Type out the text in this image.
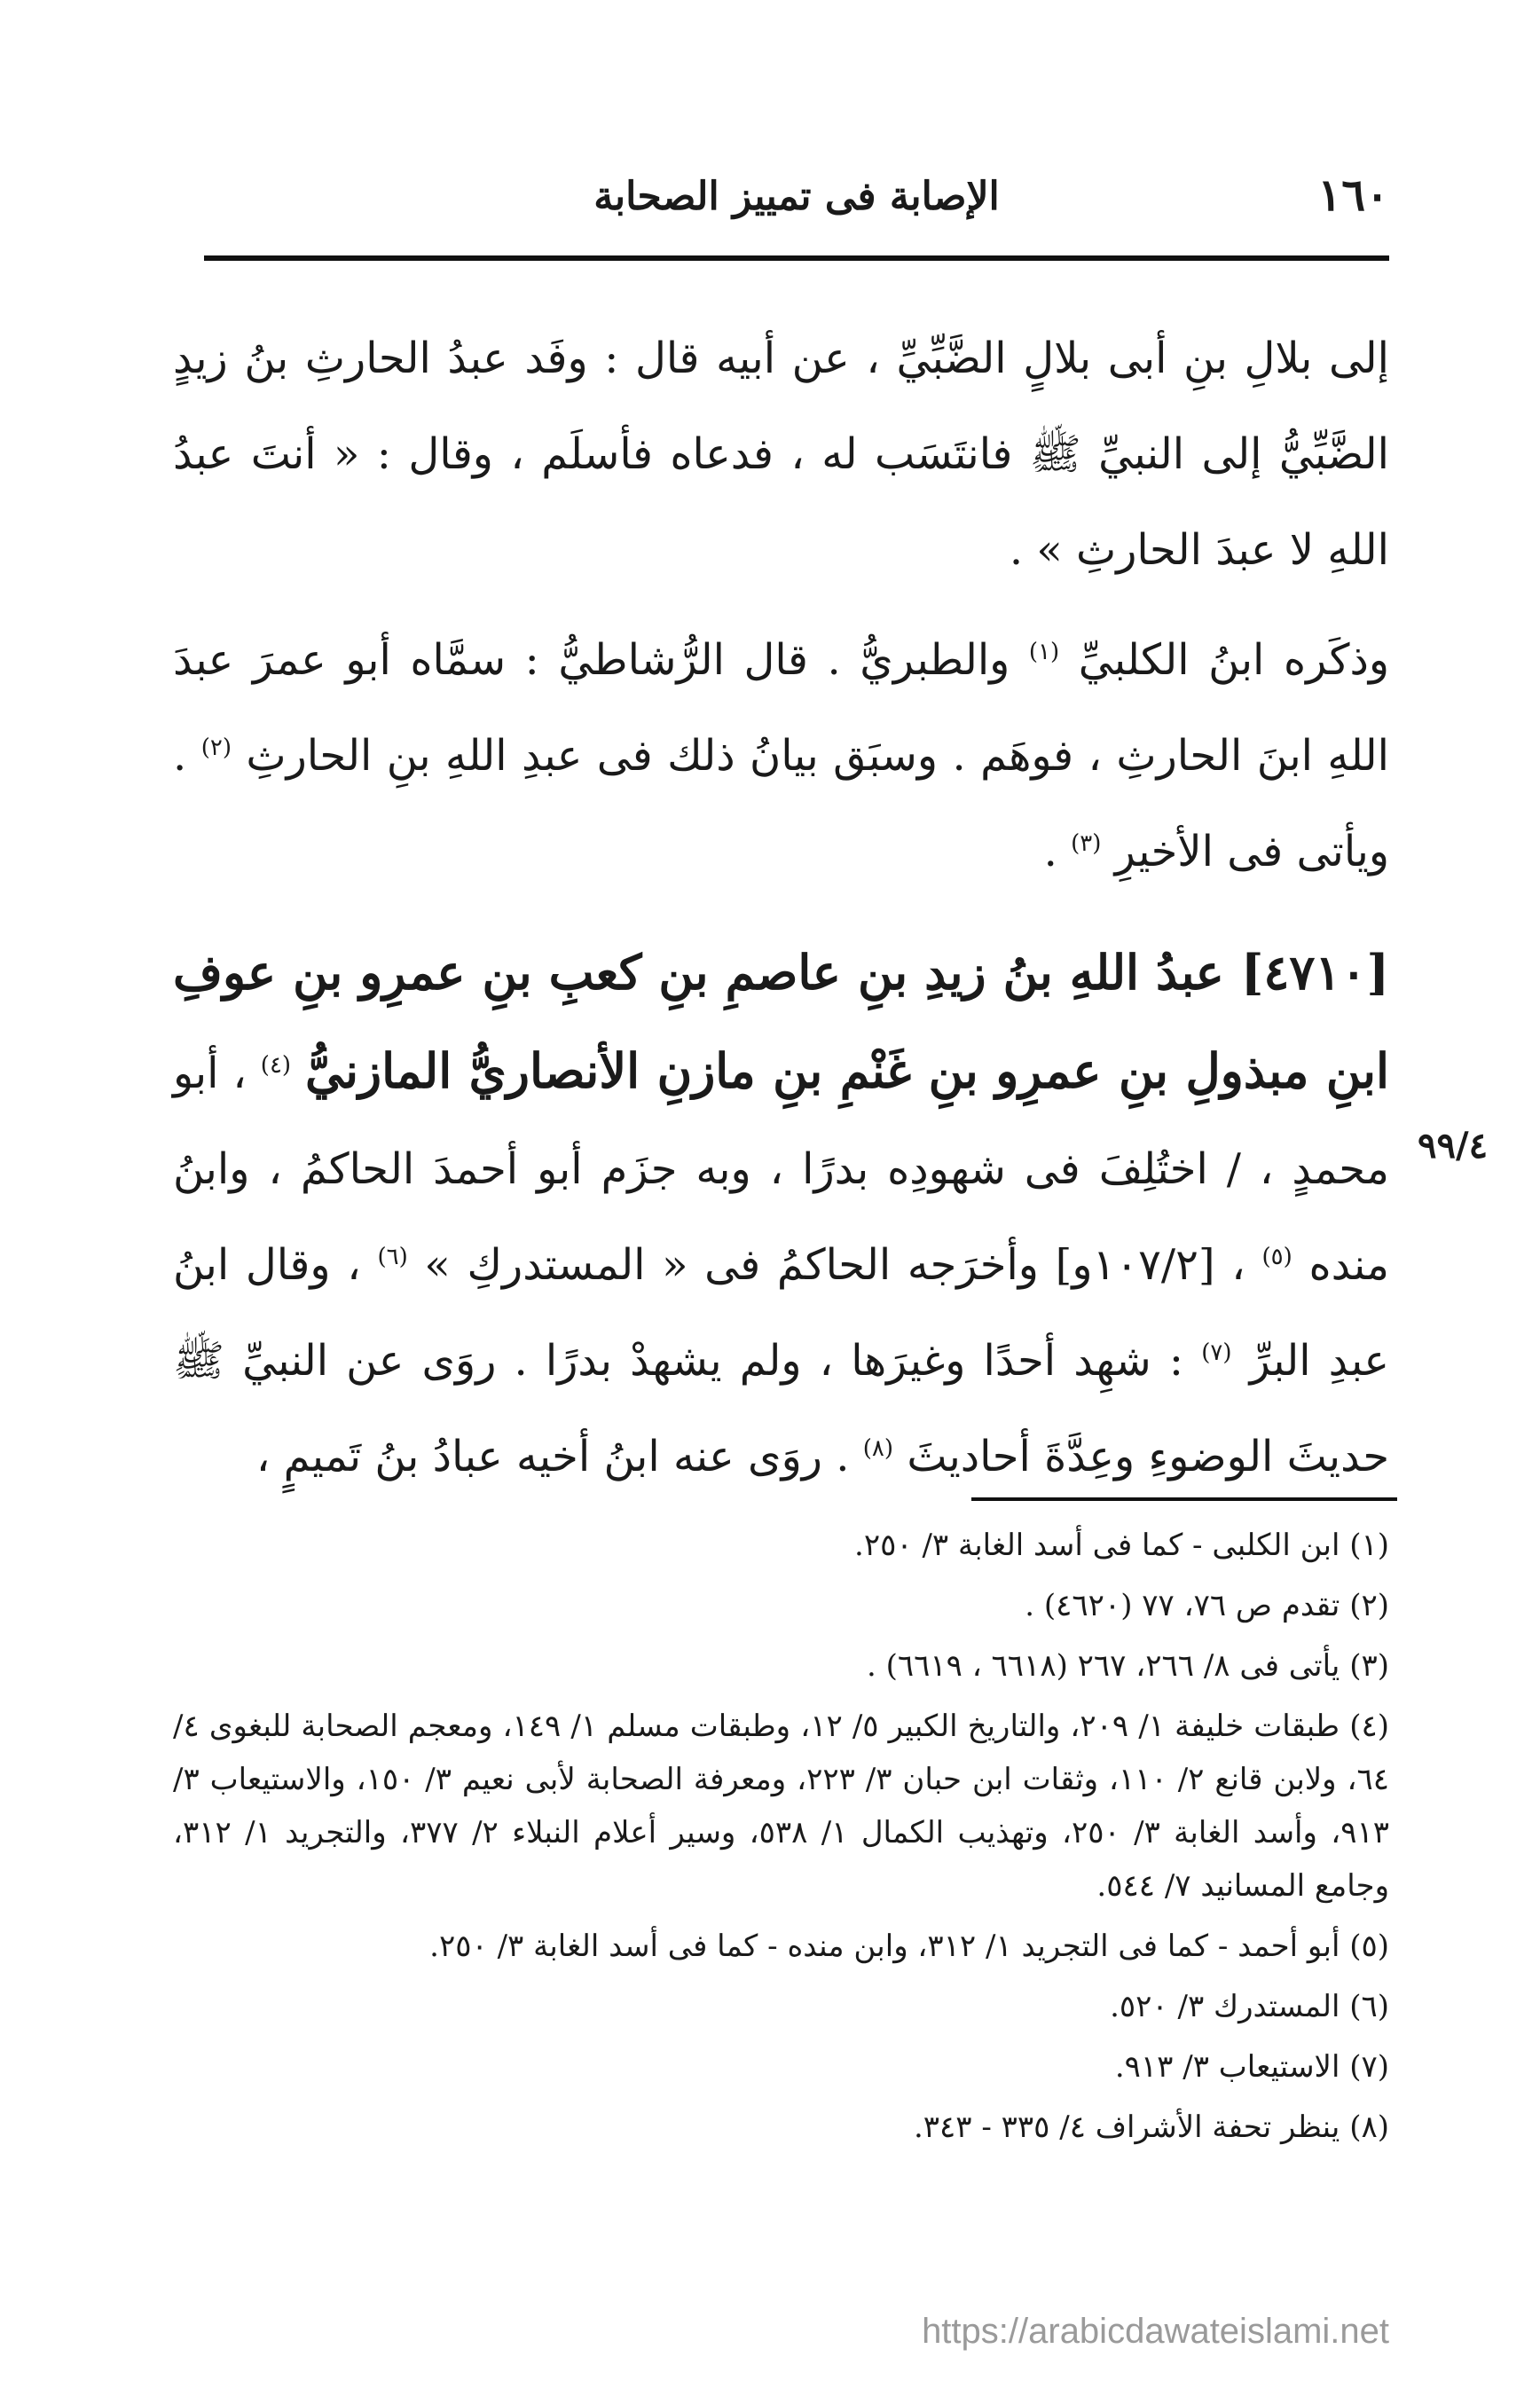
١٦٠
الإصابة فى تمييز الصحابة
٩٩/٤

إلى بلالِ بنِ أبى بلالٍ الضَّبِّيِّ ، عن أبيه قال : وفَد عبدُ الحارثِ بنُ زيدٍ الضَّبِّيُّ إلى النبيِّ ﷺ فانتَسَب له ، فدعاه فأسلَم ، وقال : « أنتَ عبدُ اللهِ لا عبدَ الحارثِ » .

وذكَره ابنُ الكلبيِّ $^{(١)}$ والطبريُّ . قال الرُّشاطيُّ : سمَّاه أبو عمرَ عبدَ اللهِ ابنَ الحارثِ ، فوهَم . وسبَق بيانُ ذلك فى عبدِ اللهِ بنِ الحارثِ $^{(٢)}$ . ويأتى فى الأخيرِ $^{(٣)}$ .

[٤٧١٠] عبدُ اللهِ بنُ زيدِ بنِ عاصمِ بنِ كعبِ بنِ عمرِو بنِ عوفِ ابنِ مبذولِ بنِ عمرِو بنِ غَنْمِ بنِ مازنِ الأنصاريُّ المازنيُّ $^{(٤)}$ ، أبو محمدٍ ، / اختُلِفَ فى شهودِه بدرًا ، وبه جزَم أبو أحمدَ الحاكمُ ، وابنُ منده $^{(٥)}$ ، [١٠٧/٢و] وأخرَجه الحاكمُ فى « المستدركِ » $^{(٦)}$ ، وقال ابنُ عبدِ البرِّ $^{(٧)}$ : شهِد أحدًا وغيرَها ، ولم يشهدْ بدرًا . روَى عن النبيِّ ﷺ حديثَ الوضوءِ وعِدَّةَ أحاديثَ $^{(٨)}$ . روَى عنه ابنُ أخيه عبادُ بنُ تَميمٍ ،

(١) ابن الكلبى - كما فى أسد الغابة ٣/ ٢٥٠.
(٢) تقدم ص ٧٦، ٧٧ (٤٦٢٠) .
(٣) يأتى فى ٨/ ٢٦٦، ٢٦٧ (٦٦١٨ ، ٦٦١٩) .
(٤) طبقات خليفة ١/ ٢٠٩، والتاريخ الكبير ٥/ ١٢، وطبقات مسلم ١/ ١٤٩، ومعجم الصحابة للبغوى ٤/ ٦٤، ولابن قانع ٢/ ١١٠، وثقات ابن حبان ٣/ ٢٢٣، ومعرفة الصحابة لأبى نعيم ٣/ ١٥٠، والاستيعاب ٣/ ٩١٣، وأسد الغابة ٣/ ٢٥٠، وتهذيب الكمال ١/ ٥٣٨، وسير أعلام النبلاء ٢/ ٣٧٧، والتجريد ١/ ٣١٢، وجامع المسانيد ٧/ ٥٤٤.
(٥) أبو أحمد - كما فى التجريد ١/ ٣١٢، وابن منده - كما فى أسد الغابة ٣/ ٢٥٠.
(٦) المستدرك ٣/ ٥٢٠.
(٧) الاستيعاب ٣/ ٩١٣.
(٨) ينظر تحفة الأشراف ٤/ ٣٣٥ - ٣٤٣.
https://arabicdawateislami.net
